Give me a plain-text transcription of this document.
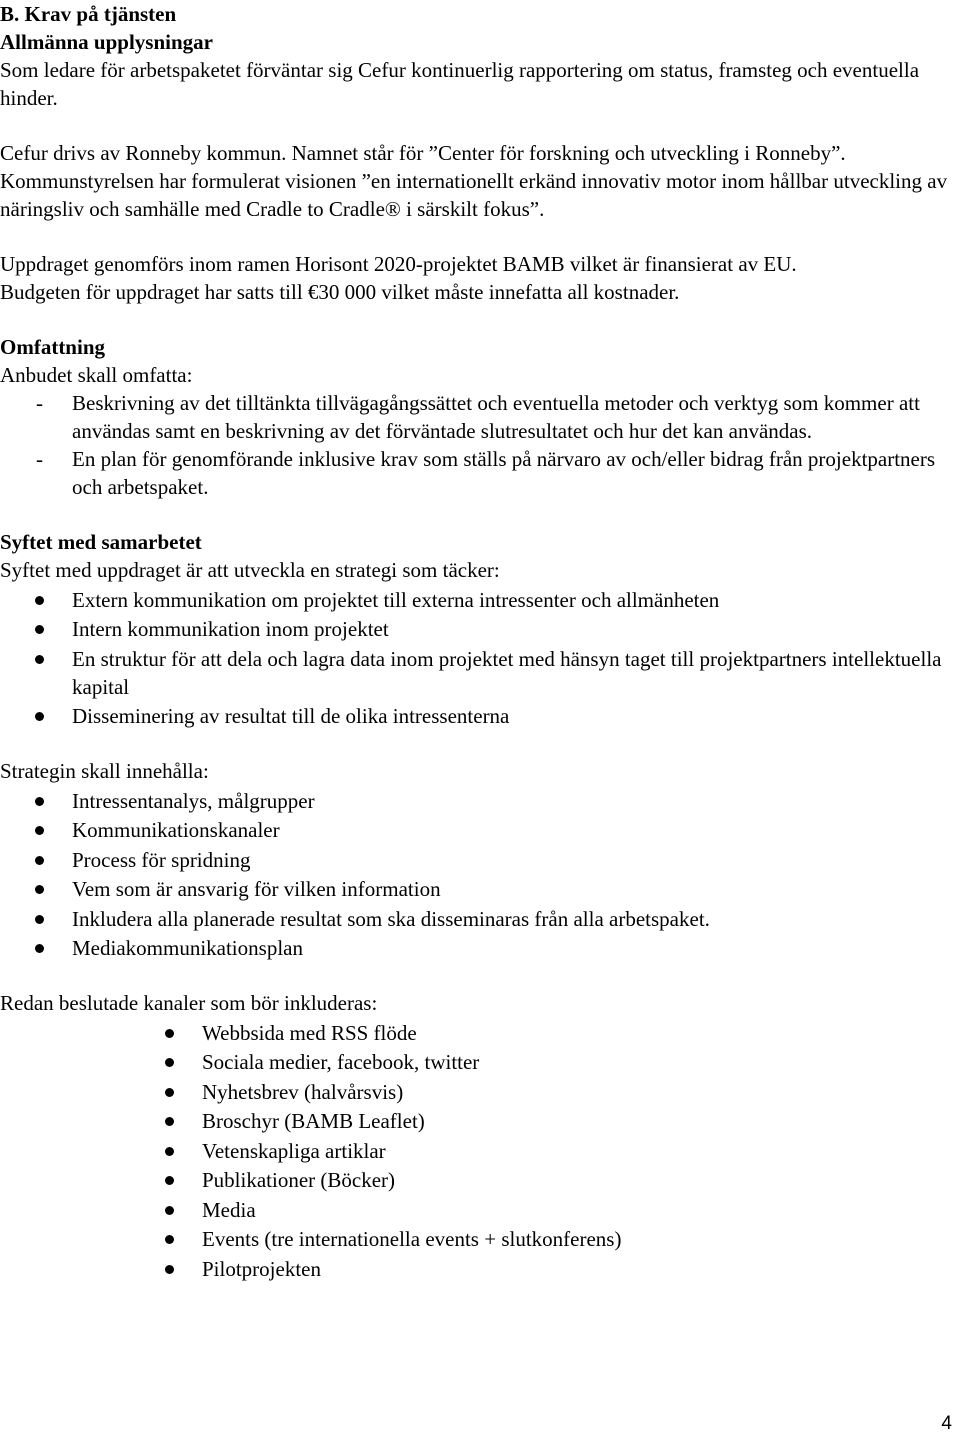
B. Krav på tjänsten

Allmänna upplysningar

Som ledare för arbetspaketet förväntar sig Cefur kontinuerlig rapportering om status, framsteg och eventuella hinder.

Cefur drivs av Ronneby kommun. Namnet står för ”Center för forskning och utveckling i Ronneby”. Kommunstyrelsen har formulerat visionen ”en internationellt erkänd innovativ motor inom hållbar utveckling av näringsliv och samhälle med Cradle to Cradle® i särskilt fokus”.

Uppdraget genomförs inom ramen Horisont 2020-projektet BAMB vilket är finansierat av EU.

Budgeten för uppdraget har satts till €30 000 vilket måste innefatta all kostnader.

Omfattning

Anbudet skall omfatta:

- Beskrivning av det tilltänkta tillvägagångssättet och eventuella metoder och verktyg som kommer att användas samt en beskrivning av det förväntade slutresultatet och hur det kan användas.
- En plan för genomförande inklusive krav som ställs på närvaro av och/eller bidrag från projektpartners och arbetspaket.

Syftet med samarbetet

Syftet med uppdraget är att utveckla en strategi som täcker:

Extern kommunikation om projektet till externa intressenter och allmänheten
Intern kommunikation inom projektet
En struktur för att dela och lagra data inom projektet med hänsyn taget till projektpartners intellektuella kapital
Disseminering av resultat till de olika intressenterna

Strategin skall innehålla:

Intressentanalys, målgrupper
Kommunikationskanaler
Process för spridning
Vem som är ansvarig för vilken information
Inkludera alla planerade resultat som ska disseminaras från alla arbetspaket.
Mediakommunikationsplan

Redan beslutade kanaler som bör inkluderas:

Webbsida med RSS flöde
Sociala medier, facebook, twitter
Nyhetsbrev (halvårsvis)
Broschyr (BAMB Leaflet)
Vetenskapliga artiklar
Publikationer (Böcker)
Media
Events (tre internationella events + slutkonferens)
Pilotprojekten
4
